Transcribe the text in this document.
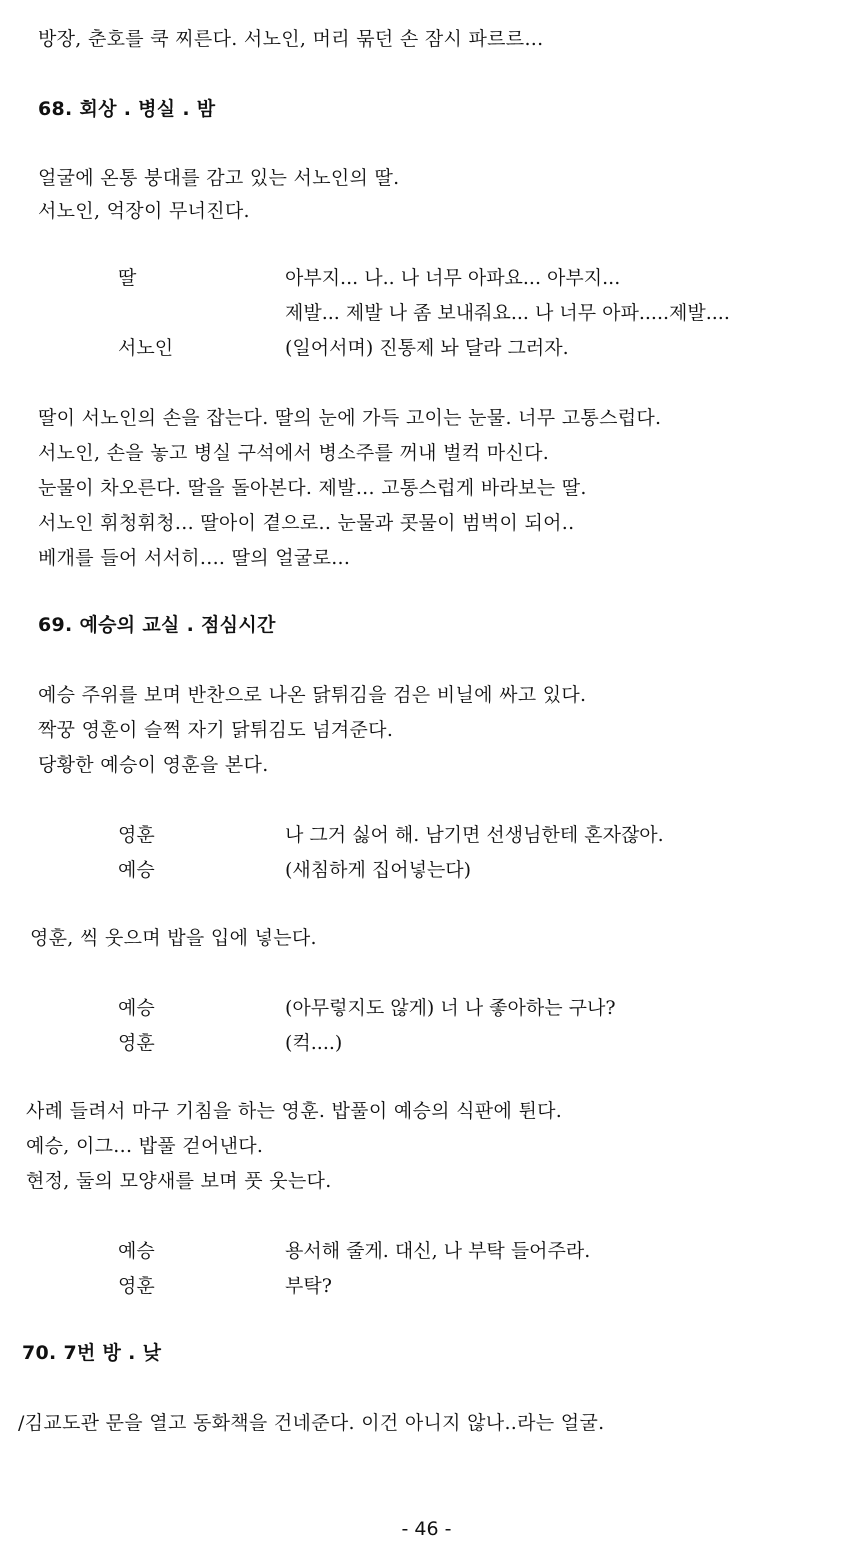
방장, 춘호를 쿡 찌른다. 서노인, 머리 묶던 손 잠시 파르르...
68. 회상 . 병실 . 밤
얼굴에 온통 붕대를 감고 있는 서노인의 딸.
서노인, 억장이 무너진다.
딸	아부지... 나.. 나 너무 아파요... 아부지...
제발... 제발 나 좀 보내줘요... 나 너무 아파.....제발....
서노인	(일어서며) 진통제 놔 달라 그러자.
딸이 서노인의 손을 잡는다. 딸의 눈에 가득 고이는 눈물. 너무 고통스럽다.
서노인, 손을 놓고 병실 구석에서 병소주를 꺼내 벌컥 마신다.
눈물이 차오른다. 딸을 돌아본다. 제발... 고통스럽게 바라보는 딸.
서노인 휘청휘청... 딸아이 곁으로.. 눈물과 콧물이 범벅이 되어..
베개를 들어 서서히.... 딸의 얼굴로...
69. 예승의 교실 . 점심시간
예승 주위를 보며 반찬으로 나온 닭튀김을 검은 비닐에 싸고 있다.
짝꿍 영훈이 슬쩍 자기 닭튀김도 넘겨준다.
당황한 예승이 영훈을 본다.
영훈	나 그거 싫어 해. 남기면 선생님한테 혼자잖아.
예승	(새침하게 집어넣는다)
영훈, 씩 웃으며 밥을 입에 넣는다.
예승	(아무렇지도 않게) 너 나 좋아하는 구나?
영훈	(컥....)
사례 들려서 마구 기침을 하는 영훈. 밥풀이 예승의 식판에 튄다.
예승, 이그... 밥풀 걷어낸다.
현정, 둘의 모양새를 보며 풋 웃는다.
예승	용서해 줄게. 대신, 나 부탁 들어주라.
영훈	부탁?
70. 7번 방 . 낮
/김교도관 문을 열고 동화책을 건네준다. 이건 아니지 않나..라는 얼굴.
- 46 -
